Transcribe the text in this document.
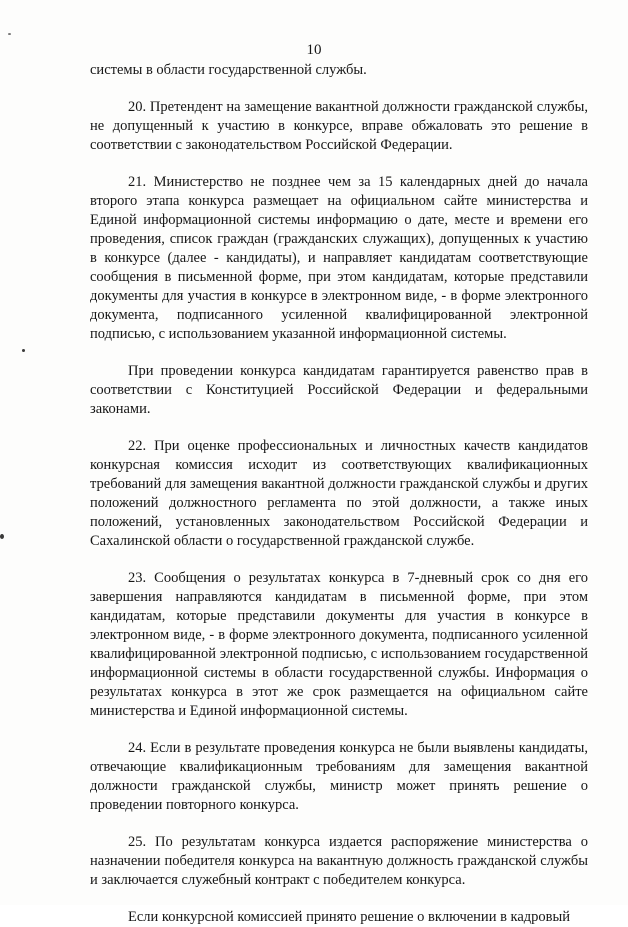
10

системы в области государственной службы.

20. Претендент на замещение вакантной должности гражданской службы, не допущенный к участию в конкурсе, вправе обжаловать это решение в соответствии с законодательством Российской Федерации.

21. Министерство не позднее чем за 15 календарных дней до начала второго этапа конкурса размещает на официальном сайте министерства и Единой информационной системы информацию о дате, месте и времени его проведения, список граждан (гражданских служащих), допущенных к участию в конкурсе (далее - кандидаты), и направляет кандидатам соответствующие сообщения в письменной форме, при этом кандидатам, которые представили документы для участия в конкурсе в электронном виде, - в форме электронного документа, подписанного усиленной квалифицированной электронной подписью, с использованием указанной информационной системы.

При проведении конкурса кандидатам гарантируется равенство прав в соответствии с Конституцией Российской Федерации и федеральными законами.

22. При оценке профессиональных и личностных качеств кандидатов конкурсная комиссия исходит из соответствующих квалификационных требований для замещения вакантной должности гражданской службы и других положений должностного регламента по этой должности, а также иных положений, установленных законодательством Российской Федерации и Сахалинской области о государственной гражданской службе.

23. Сообщения о результатах конкурса в 7-дневный срок со дня его завершения направляются кандидатам в письменной форме, при этом кандидатам, которые представили документы для участия в конкурсе в электронном виде, - в форме электронного документа, подписанного усиленной квалифицированной электронной подписью, с использованием государственной информационной системы в области государственной службы. Информация о результатах конкурса в этот же срок размещается на официальном сайте министерства и Единой информационной системы.

24. Если в результате проведения конкурса не были выявлены кандидаты, отвечающие квалификационным требованиям для замещения вакантной должности гражданской службы, министр может принять решение о проведении повторного конкурса.

25. По результатам конкурса издается распоряжение министерства о назначении победителя конкурса на вакантную должность гражданской службы и заключается служебный контракт с победителем конкурса.

Если конкурсной комиссией принято решение о включении в кадровый
